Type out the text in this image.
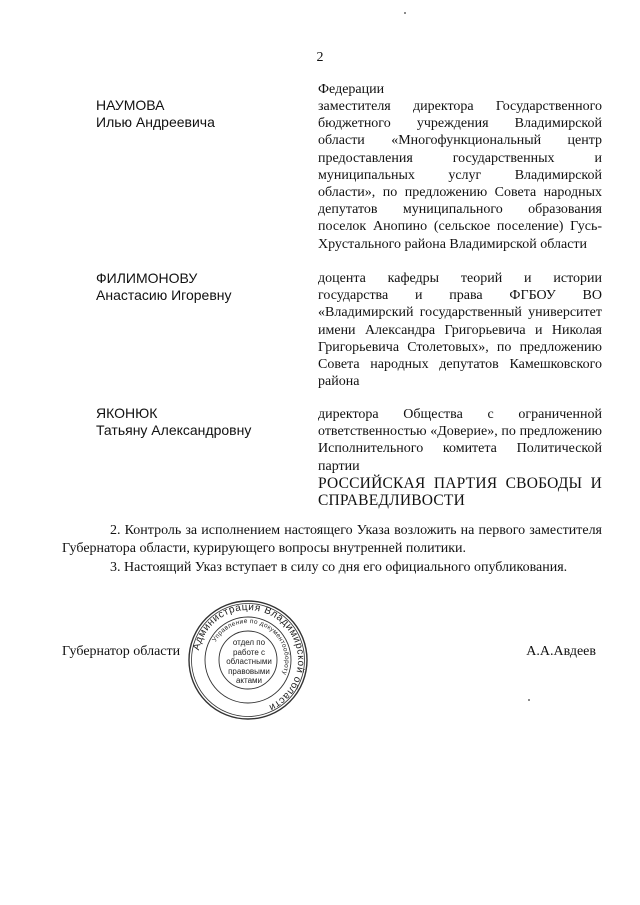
2
Федерации
НАУМОВА
Илью Андреевича
заместителя директора Государственного бюджетного учреждения Владимирской области «Многофункциональный центр предоставления государственных и муниципальных услуг Владимирской области», по предложению Совета народных депутатов муниципального образования поселок Анопино (сельское поселение) Гусь-Хрустального района Владимирской области
ФИЛИМОНОВУ
Анастасию Игоревну
доцента кафедры теорий и истории государства и права ФГБОУ ВО «Владимирский государственный университет имени Александра Григорьевича и Николая Григорьевича Столетовых», по предложению Совета народных депутатов Камешковского района
ЯКОНЮК
Татьяну Александровну
директора Общества с ограниченной ответственностью «Доверие», по предложению Исполнительного комитета Политической партии
РОССИЙСКАЯ ПАРТИЯ СВОБОДЫ И СПРАВЕДЛИВОСТИ
2. Контроль за исполнением настоящего Указа возложить на первого заместителя Губернатора области, курирующего вопросы внутренней политики.
3. Настоящий Указ вступает в силу со дня его официального опубликования.
Губернатор области	А.А.Авдеев
Администрация Владимирской области
Управление по документообороту
отдел по работе с областными правовыми актами
